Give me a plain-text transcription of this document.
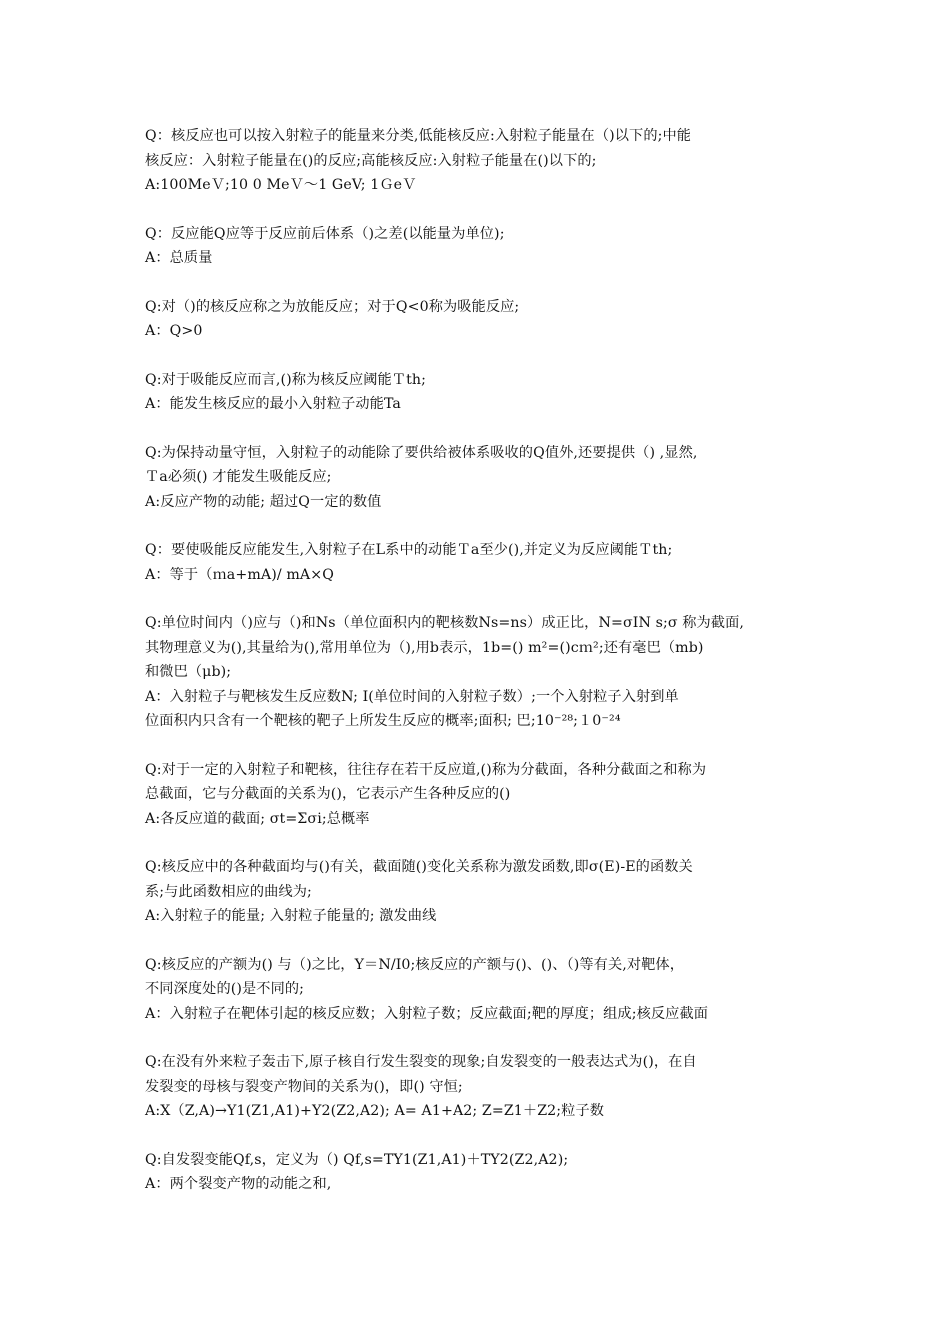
Q：核反应也可以按入射粒子的能量来分类,低能核反应:入射粒子能量在（)以下的;中能
核反应：入射粒子能量在()的反应;高能核反应:入射粒子能量在()以下的;
A:100MeＶ;10 0 MeＶ～1 GeV; 1ＧeＶ
Q：反应能Q应等于反应前后体系（)之差(以能量为单位);
A：总质量
Q:对（)的核反应称之为放能反应；对于Q<0称为吸能反应;
A：Q>0
Q:对于吸能反应而言,()称为核反应阈能Ｔth;
A：能发生核反应的最小入射粒子动能Ta
Q:为保持动量守恒，入射粒子的动能除了要供给被体系吸收的Q值外,还要提供（) ,显然,
Ｔa必须() 才能发生吸能反应;
A:反应产物的动能; 超过Q一定的数值
Q：要使吸能反应能发生,入射粒子在L系中的动能Ｔa至少(),并定义为反应阈能Ｔth;
A：等于（ｍa+mA)/ mA×Q
Q:单位时间内（)应与（)和Ns（单位面积内的靶核数Ns=ns）成正比，N=σIN s;σ 称为截面,
其物理意义为(),其量给为(),常用单位为（),用b表示，1b=() m²=()cｍ²;还有毫巴（mb)
和微巴（μb);
A：入射粒子与靶核发生反应数N; I(单位时间的入射粒子数）;一个入射粒子入射到单
位面积内只含有一个靶核的靶子上所发生反应的概率;面积; 巴;10⁻²⁸;１0⁻²⁴
Q:对于一定的入射粒子和靶核，往往存在若干反应道,()称为分截面，各种分截面之和称为
总截面，它与分截面的关系为()，它表示产生各种反应的()
A:各反应道的截面; σt=Σσi;总概率
Q:核反应中的各种截面均与()有关，截面随()变化关系称为激发函数,即σ(E)-E的函数关
系;与此函数相应的曲线为;
A:入射粒子的能量; 入射粒子能量的; 激发曲线
Q:核反应的产额为() 与（)之比，Y＝N/I0;核反应的产额与()、()、（)等有关,对靶体，
不同深度处的()是不同的;
A：入射粒子在靶体引起的核反应数；入射粒子数；反应截面;靶的厚度；组成;核反应截面
Q:在没有外来粒子轰击下,原子核自行发生裂变的现象;自发裂变的一般表达式为()，在自
发裂变的母核与裂变产物间的关系为()，即() 守恒;
A:X（Z,A)→Y1(Z1,A1)+Y2(Z2,A2); A= A1+A2; Z=Z1＋Z2;粒子数
Q:自发裂变能Qf,s，定义为（) Qf,s=TY1(Z1,A1)＋TY2(Z2,A2);
A：两个裂变产物的动能之和,
